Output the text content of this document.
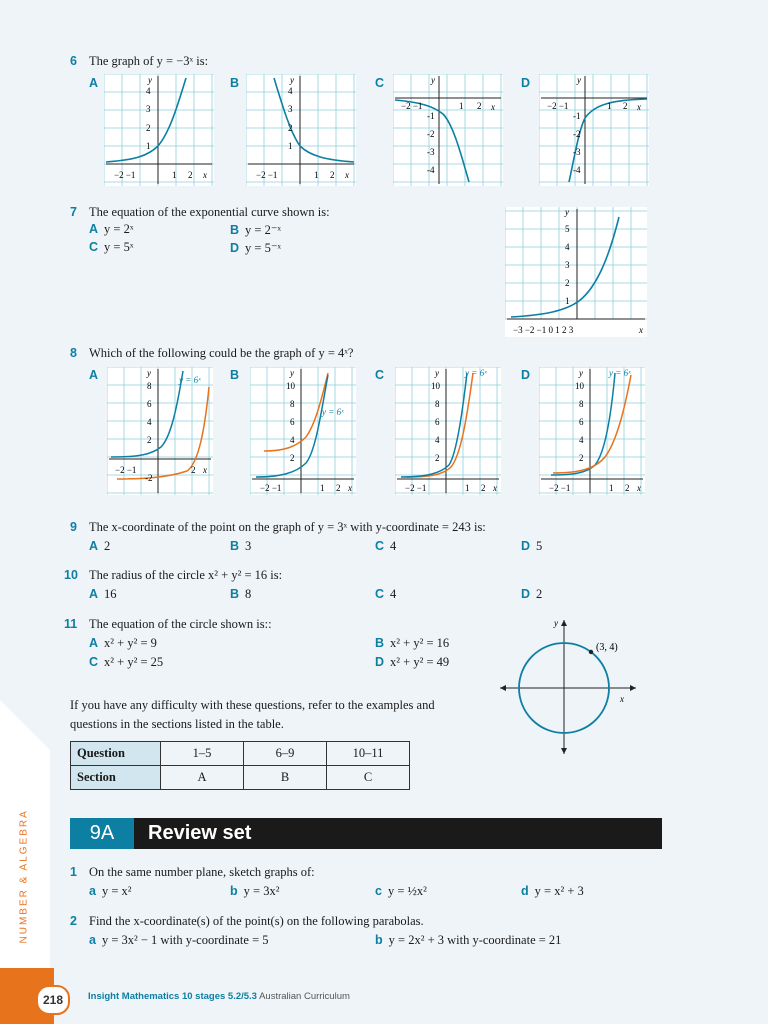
NUMBER & ALGEBRA
6 The graph of y = −3ˣ is:
A	B	C	D
y
x
−2 −1	1 2
4
3
2
1
y
x
−2 −1	1 2
4
3
2
1
y
x
−2 −1	1 2
-1
-2
-3
-4
y
x
−2 −1	1 2
-1
-2
-3
-4
7 The equation of the exponential curve shown is:
A y = 2ˣ	B y = 2⁻ˣ
C y = 5ˣ	D y = 5⁻ˣ
y
5
4
3
2
1
−3 −2 −1 0 1 2 3	x
8 Which of the following could be the graph of y = 4ˣ?
A	B	C	D
y = 6ˣ
y
8
6
4
2
−2 −1	2 x
-2
y = 6ˣ
y
10
8
6
4
2
−2 −1	1 2 x
y = 6ˣ
y
10
8
6
4
2
−2 −1	1 2 x
y = 6ˣ
y
10
8
6
4
2
−2 −1	1 2 x
9 The x-coordinate of the point on the graph of y = 3ˣ with y-coordinate = 243 is:
A 2	B 3	C 4	D 5
10 The radius of the circle x² + y² = 16 is:
A 16	B 8	C 4	D 2
11 The equation of the circle shown is::
A x² + y² = 9	B x² + y² = 16
C x² + y² = 25	D x² + y² = 49
(3, 4)
y
x
If you have any difficulty with these questions, refer to the examples and
questions in the sections listed in the table.
Question	1–5	6–9	10–11
Section	A	B	C
9A	Review set
1 On the same number plane, sketch graphs of:
a y = x²	b y = 3x²	c y = ½x²	d y = x² + 3
2 Find the x-coordinate(s) of the point(s) on the following parabolas.
a y = 3x² − 1 with y-coordinate = 5	b y = 2x² + 3 with y-coordinate = 21
218	Insight Mathematics 10 stages 5.2/5.3 Australian Curriculum
